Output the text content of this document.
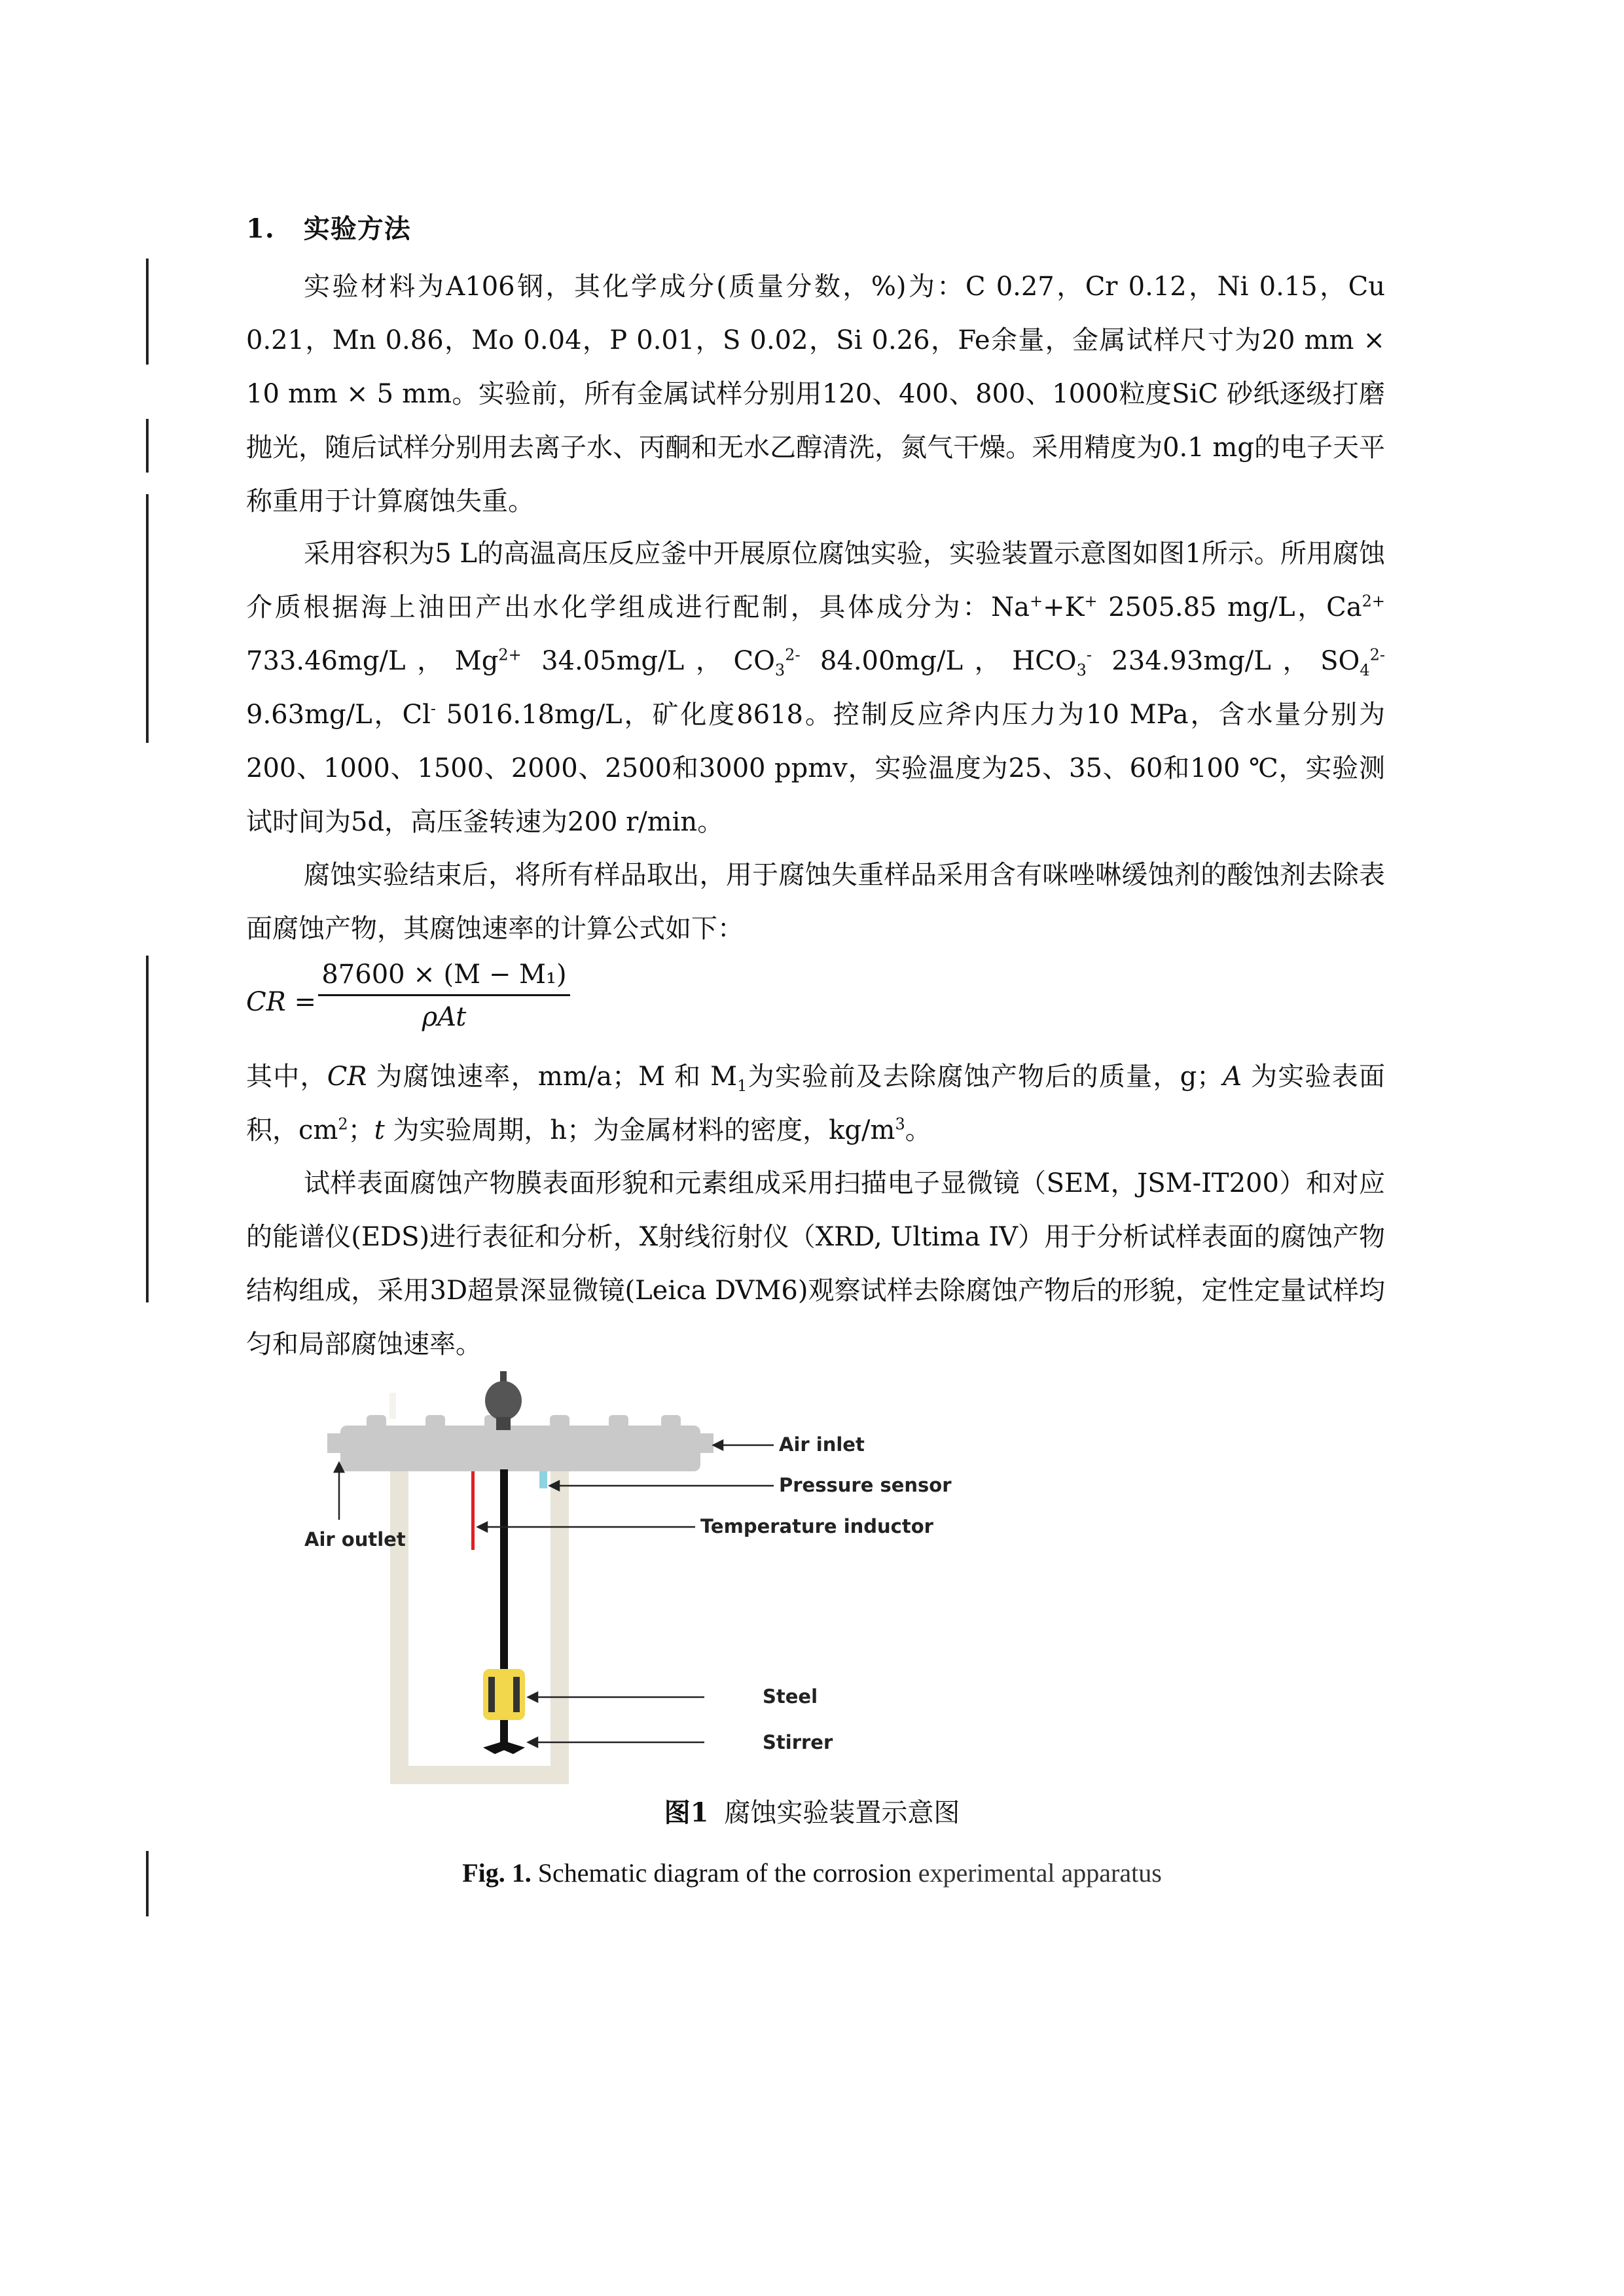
1. 实验方法
实验材料为A106钢，其化学成分(质量分数，%)为：C 0.27，Cr 0.12，Ni 0.15，Cu 0.21，Mn 0.86，Mo 0.04，P 0.01，S 0.02，Si 0.26，Fe余量，金属试样尺寸为20 mm × 10 mm × 5 mm。实验前，所有金属试样分别用120、400、800、1000粒度SiC 砂纸逐级打磨抛光，随后试样分别用去离子水、丙酮和无水乙醇清洗，氮气干燥。采用精度为0.1 mg的电子天平称重用于计算腐蚀失重。
采用容积为5 L的高温高压反应釜中开展原位腐蚀实验，实验装置示意图如图1所示。所用腐蚀介质根据海上油田产出水化学组成进行配制，具体成分为：Na++K+ 2505.85 mg/L，$Ca^{2+}$ 733.46mg/L，$Mg^{2+}$ 34.05mg/L，$CO_3^{2-}$ 84.00mg/L，$HCO_3^-$ 234.93mg/L，$SO_4^{2-}$ 9.63mg/L，Cl- 5016.18mg/L，矿化度8618。控制反应斧内压力为10 MPa，含水量分别为200、1000、1500、2000、2500和3000 ppmv，实验温度为25、35、60和100 ℃，实验测试时间为5d，高压釜转速为200 r/min。
腐蚀实验结束后，将所有样品取出，用于腐蚀失重样品采用含有咪唑啉缓蚀剂的酸蚀剂去除表面腐蚀产物，其腐蚀速率的计算公式如下：
CR =
87600 × (M − M₁)
ρAt
其中，CR 为腐蚀速率，mm/a；M 和 $M_1$为实验前及去除腐蚀产物后的质量，g；A 为实验表面积，$cm^2$；t 为实验周期，h；为金属材料的密度，$kg/m^3$。
试样表面腐蚀产物膜表面形貌和元素组成采用扫描电子显微镜（SEM，JSM-IT200）和对应的能谱仪(EDS)进行表征和分析，X射线衍射仪（XRD, Ultima IV）用于分析试样表面的腐蚀产物结构组成，采用3D超景深显微镜(Leica DVM6)观察试样去除腐蚀产物后的形貌，定性定量试样均匀和局部腐蚀速率。
Air inlet
Pressure sensor
Temperature inductor
Air outlet
Steel
Stirrer
图1 腐蚀实验装置示意图
Fig. 1. Schematic diagram of the corrosion experimental apparatus
